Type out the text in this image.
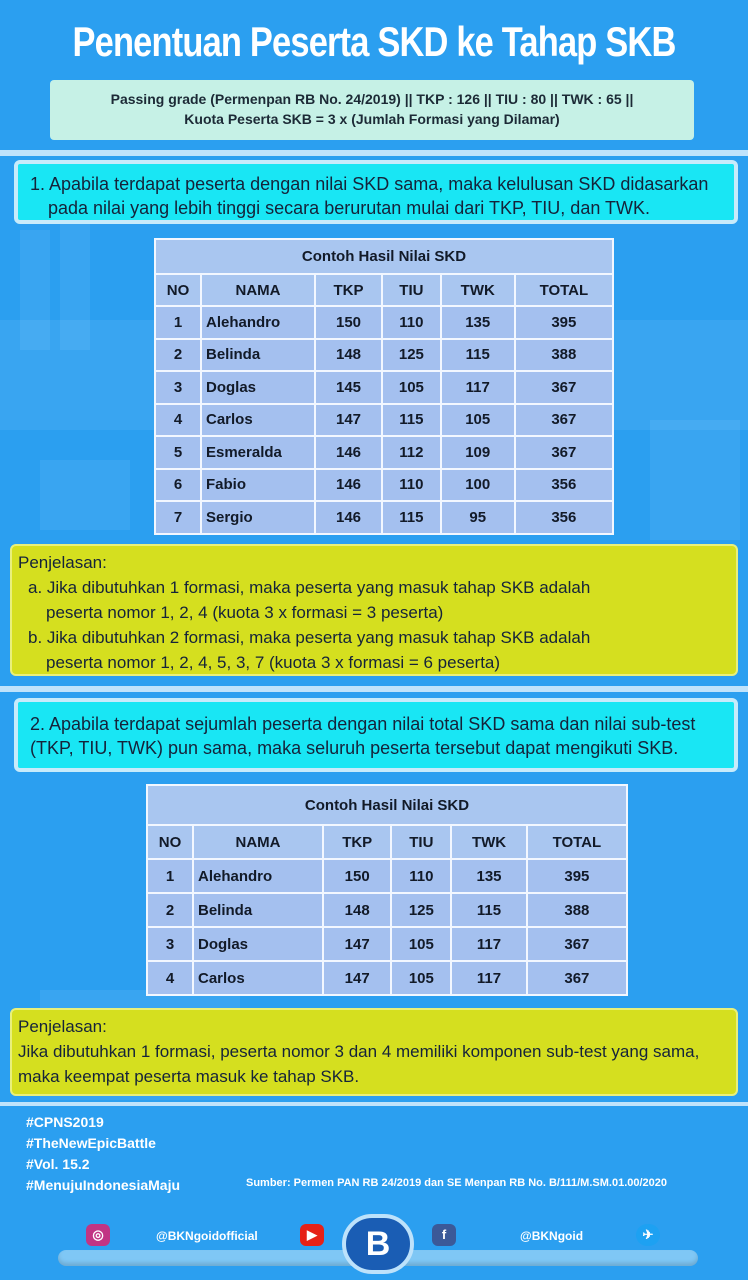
Penentuan Peserta SKD ke Tahap SKB
Passing grade (Permenpan RB No. 24/2019) || TKP : 126 || TIU : 80 || TWK : 65 ||
Kuota Peserta SKB = 3 x (Jumlah Formasi yang Dilamar)
1. Apabila terdapat peserta dengan nilai SKD sama, maka kelulusan SKD didasarkan
pada nilai yang lebih tinggi secara berurutan mulai dari TKP, TIU, dan TWK.
Contoh Hasil Nilai SKD					
NO	NAMA	TKP	TIU	TWK	TOTAL
1	Alehandro	150	110	135	395
2	Belinda	148	125	115	388
3	Doglas	145	105	117	367
4	Carlos	147	115	105	367
5	Esmeralda	146	112	109	367
6	Fabio	146	110	100	356
7	Sergio	146	115	95	356
Penjelasan:
a. Jika dibutuhkan 1 formasi, maka peserta yang masuk tahap SKB adalah
peserta nomor 1, 2, 4 (kuota 3 x formasi = 3 peserta)
b. Jika dibutuhkan 2 formasi, maka peserta yang masuk tahap SKB adalah
peserta nomor 1, 2, 4, 5, 3, 7 (kuota 3 x formasi = 6 peserta)
2. Apabila terdapat sejumlah peserta dengan nilai total SKD sama dan nilai sub-test
(TKP, TIU, TWK) pun sama, maka seluruh peserta tersebut dapat mengikuti SKB.
Contoh Hasil Nilai SKD					
NO	NAMA	TKP	TIU	TWK	TOTAL
1	Alehandro	150	110	135	395
2	Belinda	148	125	115	388
3	Doglas	147	105	117	367
4	Carlos	147	105	117	367
Penjelasan:
Jika dibutuhkan 1 formasi, peserta nomor 3 dan 4 memiliki komponen sub-test yang sama,
maka keempat peserta masuk ke tahap SKB.
#CPNS2019
#TheNewEpicBattle
#Vol. 15.2
#MenujuIndonesiaMaju	Sumber: Permen PAN RB 24/2019 dan SE Menpan RB No. B/111/M.SM.01.00/2020
◎	@BKNgoidofficial	▶	B	f	@BKNgoid	✈
